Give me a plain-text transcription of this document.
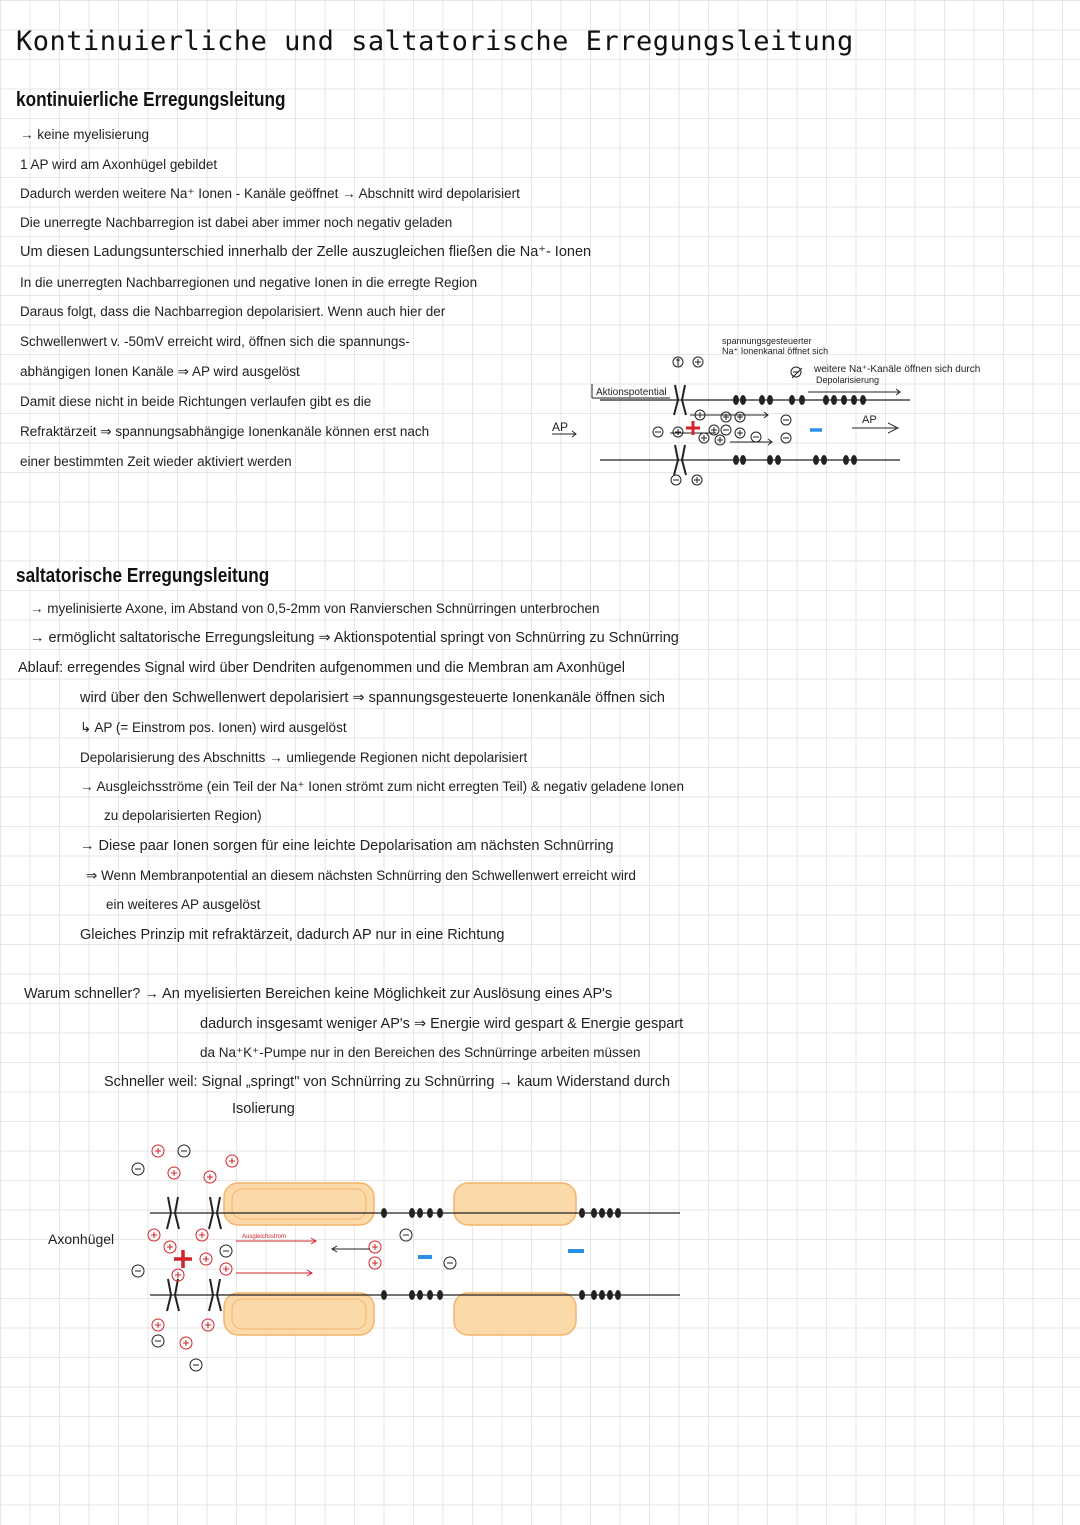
Kontinuierliche und saltatorische Erregungsleitung
kontinuierliche Erregungsleitung
→ keine myelisierung
1 AP wird am Axonhügel gebildet
Dadurch werden weitere Na⁺ Ionen - Kanäle geöffnet → Abschnitt wird depolarisiert
Die unerregte Nachbarregion ist dabei aber immer noch negativ geladen
Um diesen Ladungsunterschied innerhalb der Zelle auszugleichen fließen die Na⁺- Ionen
In die unerregten Nachbarregionen und negative Ionen in die erregte Region
Daraus folgt, dass die Nachbarregion depolarisiert. Wenn auch hier der
Schwellenwert v. -50mV erreicht wird, öffnen sich die spannungs-
abhängigen Ionen Kanäle ⇒ AP wird ausgelöst
Damit diese nicht in beide Richtungen verlaufen gibt es die
Refraktärzeit ⇒ spannungsabhängige Ionenkanäle können erst nach
einer bestimmten Zeit wieder aktiviert werden
AP
Aktionspotential
spannungsgesteuerter
Na⁺ Ionenkanal öffnet sich
weitere Na⁺-Kanäle öffnen sich durch
Depolarisierung
AP
saltatorische Erregungsleitung
→ myelinisierte Axone, im Abstand von 0,5-2mm von Ranvierschen Schnürringen unterbrochen
→ ermöglicht saltatorische Erregungsleitung ⇒ Aktionspotential springt von Schnürring zu Schnürring
Ablauf: erregendes Signal wird über Dendriten aufgenommen und die Membran am Axonhügel
wird über den Schwellenwert depolarisiert ⇒ spannungsgesteuerte Ionenkanäle öffnen sich
↳ AP (= Einstrom pos. Ionen) wird ausgelöst
Depolarisierung des Abschnitts → umliegende Regionen nicht depolarisiert
→ Ausgleichsströme (ein Teil der Na⁺ Ionen strömt zum nicht erregten Teil) & negativ geladene Ionen
zu depolarisierten Region)
→ Diese paar Ionen sorgen für eine leichte Depolarisation am nächsten Schnürring
⇒ Wenn Membranpotential an diesem nächsten Schnürring den Schwellenwert erreicht wird
ein weiteres AP ausgelöst
Gleiches Prinzip mit refraktärzeit, dadurch AP nur in eine Richtung
Warum schneller? → An myelisierten Bereichen keine Möglichkeit zur Auslösung eines AP's
dadurch insgesamt weniger AP's ⇒ Energie wird gespart & Energie gespart
da Na⁺K⁺-Pumpe nur in den Bereichen des Schnürringe arbeiten müssen
Schneller weil: Signal „springt" von Schnürring zu Schnürring → kaum Widerstand durch
Isolierung
Axonhügel	Ausgleichsstrom
